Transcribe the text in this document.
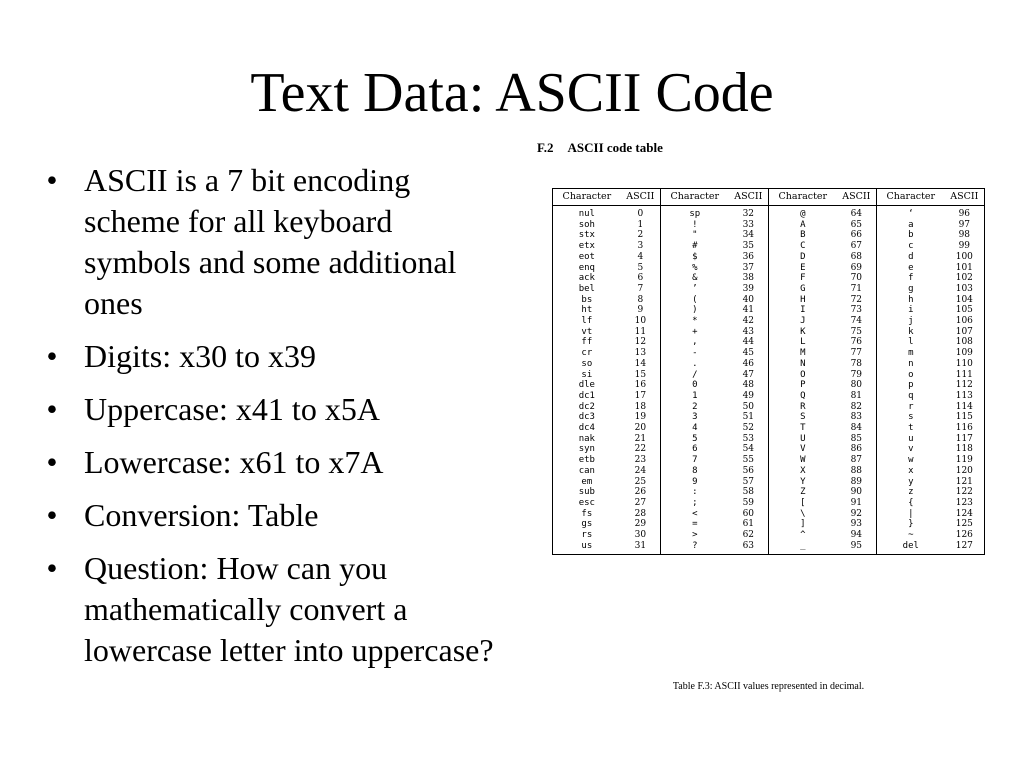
Text Data: ASCII Code
• ASCII is a 7 bit encoding scheme for all keyboard symbols and some additional ones
• Digits: x30 to x39
• Uppercase: x41 to x5A
• Lowercase: x61 to x7A
• Conversion: Table
• Question: How can you mathematically convert a lowercase letter into uppercase?
F.2 ASCII code table
Character	ASCII	Character	ASCII	Character	ASCII	Character	ASCII
nul	0	sp	32	@	64	‘	96
soh	1	!	33	A	65	a	97
stx	2	"	34	B	66	b	98
etx	3	#	35	C	67	c	99
eot	4	$	36	D	68	d	100
enq	5	%	37	E	69	e	101
ack	6	&	38	F	70	f	102
bel	7	’	39	G	71	g	103
bs	8	(	40	H	72	h	104
ht	9	)	41	I	73	i	105
lf	10	*	42	J	74	j	106
vt	11	+	43	K	75	k	107
ff	12	,	44	L	76	l	108
cr	13	-	45	M	77	m	109
so	14	.	46	N	78	n	110
si	15	/	47	O	79	o	111
dle	16	0	48	P	80	p	112
dc1	17	1	49	Q	81	q	113
dc2	18	2	50	R	82	r	114
dc3	19	3	51	S	83	s	115
dc4	20	4	52	T	84	t	116
nak	21	5	53	U	85	u	117
syn	22	6	54	V	86	v	118
etb	23	7	55	W	87	w	119
can	24	8	56	X	88	x	120
em	25	9	57	Y	89	y	121
sub	26	:	58	Z	90	z	122
esc	27	;	59	[	91	{	123
fs	28	<	60	\	92	|	124
gs	29	=	61	]	93	}	125
rs	30	>	62	^	94	~	126
us	31	?	63	_	95	del	127
Table F.3: ASCII values represented in decimal.
